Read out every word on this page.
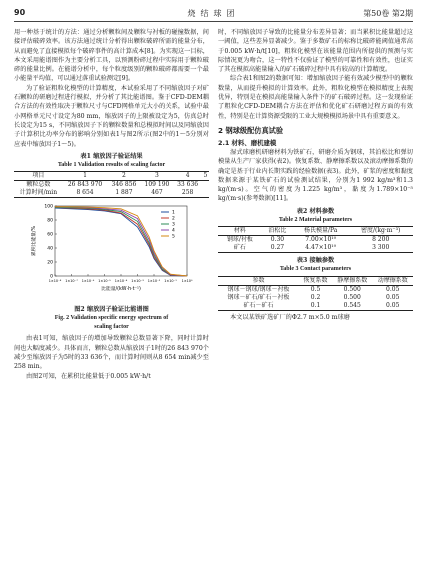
90	烧结球团	第50卷 第2期

用一种基于统计的方法：通过分析颗粒间及颗粒与衬板的碰撞数据，间接评估破碎效率。该方法通过统计分析得出颗粒破碎所需的能量分布，从而避免了直接模拟每个破碎事件的高计算成本[8]。为实现这一目标，本文采用能谱图作为主要分析工具，以预测粉碎过程中实际用于颗粒破碎的能量比例。在能谱分析中，每个粒度级别的颗粒破碎都需要一个最小能量平均值，可以通过落重试验测定[9]。

为了验证粗粒化模型的计算精度，本试验采用了不同缩放因子对矿石颗粒的研磨过程进行模拟，并分析了其比能谱图。鉴于CFD-DEM耦合方法的有效性取决于颗粒尺寸与CFD网格单元大小的关系，试验中最小网格单元尺寸设定为80 mm，缩放因子的上限被设定为5，仿真总时长设定为15 s，不同缩放因子下的颗粒数量和总模拟时间以及同缩放因子计算积比功率分布的影响分别如表1与图2所示(图2中的1～5分别对应表中缩放因子1～5)。

表1 缩放因子验证结果
Table 1 Validation results of scaling factor
项目	1	2	3	4	5
颗粒总数	26 843 970	346 856	109 190	33 636	
计算时间/min	8 654	1 887	467	258	
0
20
40
60
80
100
1×10⁻⁸ 1×10⁻⁷ 1×10⁻⁶ 1×10⁻⁵ 1×10⁻⁴ 1×10⁻³ 1×10⁻² 1×10⁻¹ 1×10⁰
比能量/(kW·h·t⁻¹)
累积比能量/%
1
2
3
4
5
图2 缩放因子验证比能谱图
Fig. 2 Validation specific energy spectrum of
scaling factor

由表1可知，缩放因子的增加导致颗粒总数显著下降，同时计算时间也大幅度减少。具体而言，颗粒总数从缩放因子1时的26 843 970个减少至缩放因子为5时的33 636个，而计算时间则从8 654 min减少至258 min。

由图2可知，在累积比能量低于0.005 kW·h/t

时，不同缩放因子导致的比能量分布差异显著；而当累积比能量超过这一阈值，这些差异显著减少。鉴于多数矿石的标称比破碎能阈值通常高于0.005 kW·h/t[10]，粗粒化模型在该能量范围内所提供的预测与实际情况更为吻合，这一特性不仅验证了模型的可靠性和有效性，也证实了其在模拟高能量输入的矿石破碎过程中具有较高的计算精度。

综合表1和图2的数据可知：增加缩放因子能有效减少模型中的颗粒数量，从而提升模拟的计算效率。此外，粗粒化模型在模拟精度上表现优异，特别是在模拟高能量输入条件下的矿石破碎过程。这一发现验证了粗粒化CFD-DEM耦合方法在评估和优化矿石研磨过程方面的有效性，特别是在计算资源受限的工业大规模模拟场景中具有重要意义。

2 钢球级配仿真试验
2.1 材料、磨机建模

湿式球磨机研磨材料为铁矿石，研磨介质为钢球，其泊松比和弹切模量从生产厂家获得(表2)。恢复系数、静摩擦系数以及滚动摩擦系数的确定是基于行业内长期实践的经验数据(表3)。此外，矿浆的密度和黏度数据来源于某铁矿石的试验测试结果，分别为1 992 kg/m³和1.3 kg/(m·s)。空气的密度为1.225 kg/m³，黏度为1.789×10⁻⁵ kg/(m·s)(参考数据)[11]。

表2 材料参数
Table 2 Material parameters
材料	泊松比	杨氏模量/Pa	密度/(kg·m⁻³)
钢球/衬板	0.30	7.00×10¹⁰	8 200
矿石	0.27	4.47×10¹⁰	3 300
表3 接触参数
Table 3 Contact parameters
参数	恢复系数	静摩擦系数	动摩擦系数
钢球－钢球/钢球－衬板	0.5	0.500	0.05
钢球－矿石/矿石－衬板	0.2	0.500	0.05
矿石－矿石	0.1	0.545	0.05

本文以某铁矿选矿厂的Φ2.7 m×5.0 m球磨
